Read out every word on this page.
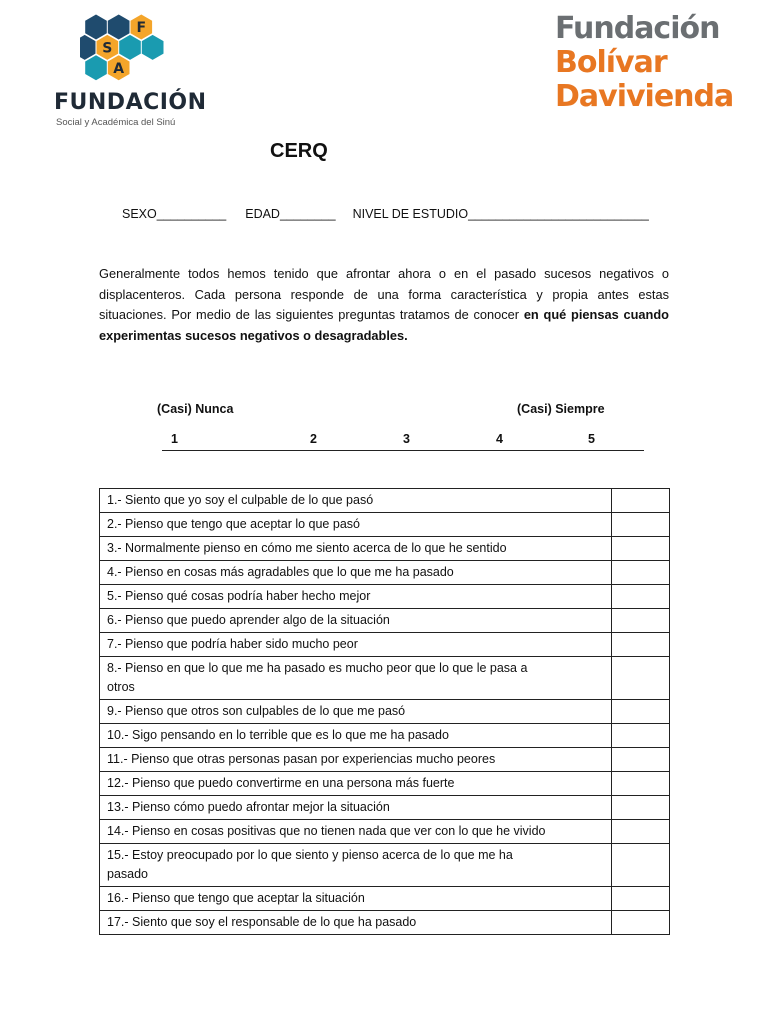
F
S
A
FUNDACIÓN
Social y Académica del Sinú
Fundación
Bolívar
Davivienda
CERQ
SEXO__________ EDAD________ NIVEL DE ESTUDIO__________________________
Generalmente todos hemos tenido que afrontar ahora o en el pasado sucesos negativos o displacenteros. Cada persona responde de una forma característica y propia antes estas situaciones. Por medio de las siguientes preguntas tratamos de conocer en qué piensas cuando experimentas sucesos negativos o desagradables.
(Casi) Nunca	(Casi) Siempre
1	2	3	4	5
1.- Siento que yo soy el culpable de lo que pasó	

2.- Pienso que tengo que aceptar lo que pasó	

3.- Normalmente pienso en cómo me siento acerca de lo que he sentido	

4.- Pienso en cosas más agradables que lo que me ha pasado	

5.- Pienso qué cosas podría haber hecho mejor	

6.- Pienso que puedo aprender algo de la situación	

7.- Pienso que podría haber sido mucho peor	

8.- Pienso en que lo que me ha pasado es mucho peor que lo que le pasa a otros	

9.- Pienso que otros son culpables de lo que me pasó	

10.- Sigo pensando en lo terrible que es lo que me ha pasado	

11.- Pienso que otras personas pasan por experiencias mucho peores	

12.- Pienso que puedo convertirme en una persona más fuerte	

13.- Pienso cómo puedo afrontar mejor la situación	

14.- Pienso en cosas positivas que no tienen nada que ver con lo que he vivido	

15.- Estoy preocupado por lo que siento y pienso acerca de lo que me ha pasado	

16.- Pienso que tengo que aceptar la situación	

17.- Siento que soy el responsable de lo que ha pasado	
